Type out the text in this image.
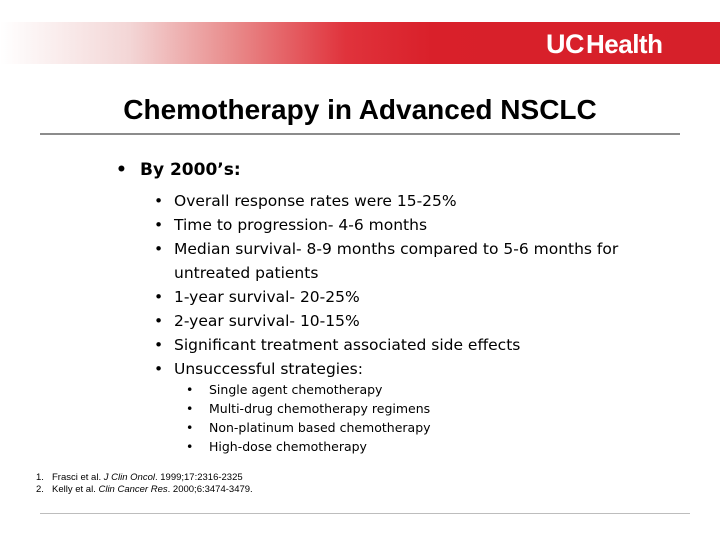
UC Health
Chemotherapy in Advanced NSCLC
• By 2000’s:
• Overall response rates were 15-25%
• Time to progression- 4-6 months
• Median survival- 8-9 months compared to 5-6 months for untreated patients
• 1-year survival- 20-25%
• 2-year survival- 10-15%
• Significant treatment associated side effects
• Unsuccessful strategies:
• Single agent chemotherapy
• Multi-drug chemotherapy regimens
• Non-platinum based chemotherapy
• High-dose chemotherapy
1. Frasci et al. J Clin Oncol. 1999;17:2316-2325
2. Kelly et al. Clin Cancer Res. 2000;6:3474-3479.
